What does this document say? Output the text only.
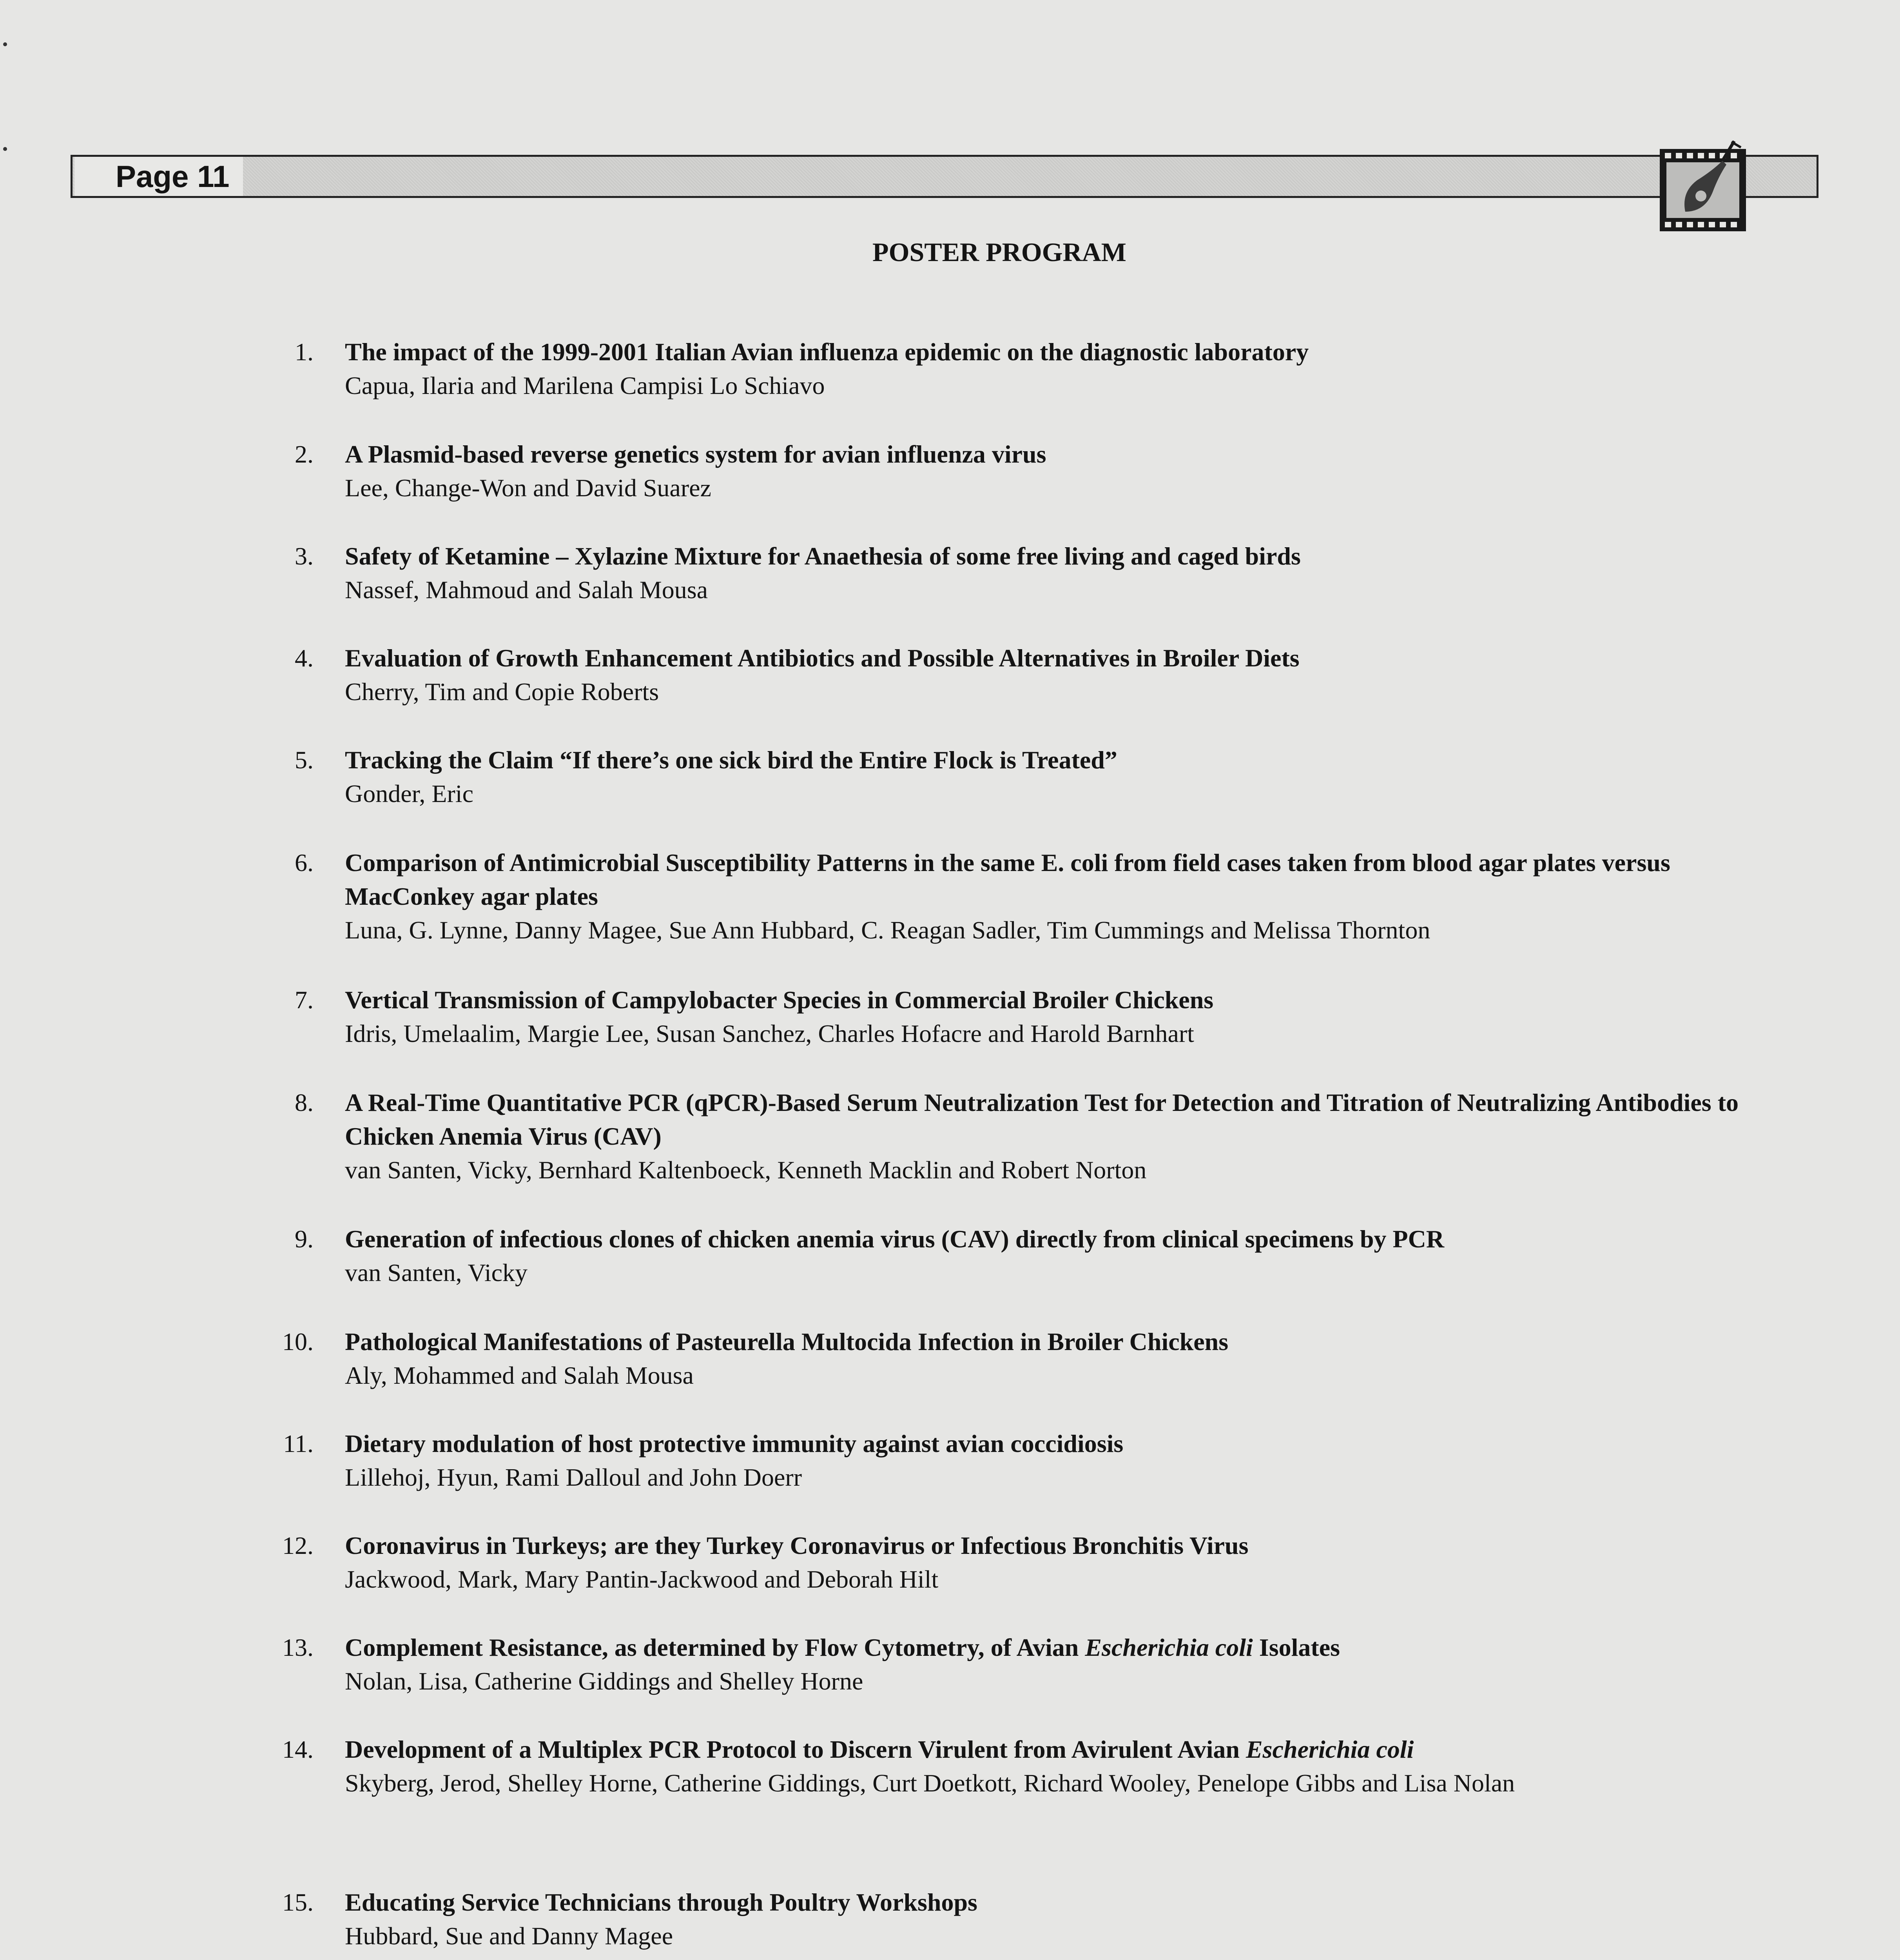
Page 11
POSTER PROGRAM
1. The impact of the 1999-2001 Italian Avian influenza epidemic on the diagnostic laboratory

Capua, Ilaria and Marilena Campisi Lo Schiavo

2. A Plasmid-based reverse genetics system for avian influenza virus

Lee, Change-Won and David Suarez

3. Safety of Ketamine – Xylazine Mixture for Anaethesia of some free living and caged birds

Nassef, Mahmoud and Salah Mousa

4. Evaluation of Growth Enhancement Antibiotics and Possible Alternatives in Broiler Diets

Cherry, Tim and Copie Roberts

5. Tracking the Claim “If there’s one sick bird the Entire Flock is Treated”

Gonder, Eric

6. Comparison of Antimicrobial Susceptibility Patterns in the same E. coli from field cases taken from blood agar plates versus MacConkey agar plates

Luna, G. Lynne, Danny Magee, Sue Ann Hubbard, C. Reagan Sadler, Tim Cummings and Melissa Thornton

7. Vertical Transmission of Campylobacter Species in Commercial Broiler Chickens

Idris, Umelaalim, Margie Lee, Susan Sanchez, Charles Hofacre and Harold Barnhart

8. A Real-Time Quantitative PCR (qPCR)-Based Serum Neutralization Test for Detection and Titration of Neutralizing Antibodies to Chicken Anemia Virus (CAV)

van Santen, Vicky, Bernhard Kaltenboeck, Kenneth Macklin and Robert Norton

9. Generation of infectious clones of chicken anemia virus (CAV) directly from clinical specimens by PCR

van Santen, Vicky

10. Pathological Manifestations of Pasteurella Multocida Infection in Broiler Chickens

Aly, Mohammed and Salah Mousa

11. Dietary modulation of host protective immunity against avian coccidiosis

Lillehoj, Hyun, Rami Dalloul and John Doerr

12. Coronavirus in Turkeys; are they Turkey Coronavirus or Infectious Bronchitis Virus

Jackwood, Mark, Mary Pantin-Jackwood and Deborah Hilt

13. Complement Resistance, as determined by Flow Cytometry, of Avian Escherichia coli Isolates

Nolan, Lisa, Catherine Giddings and Shelley Horne

14. Development of a Multiplex PCR Protocol to Discern Virulent from Avirulent Avian Escherichia coli

Skyberg, Jerod, Shelley Horne, Catherine Giddings, Curt Doetkott, Richard Wooley, Penelope Gibbs and Lisa Nolan

15. Educating Service Technicians through Poultry Workshops

Hubbard, Sue and Danny Magee
